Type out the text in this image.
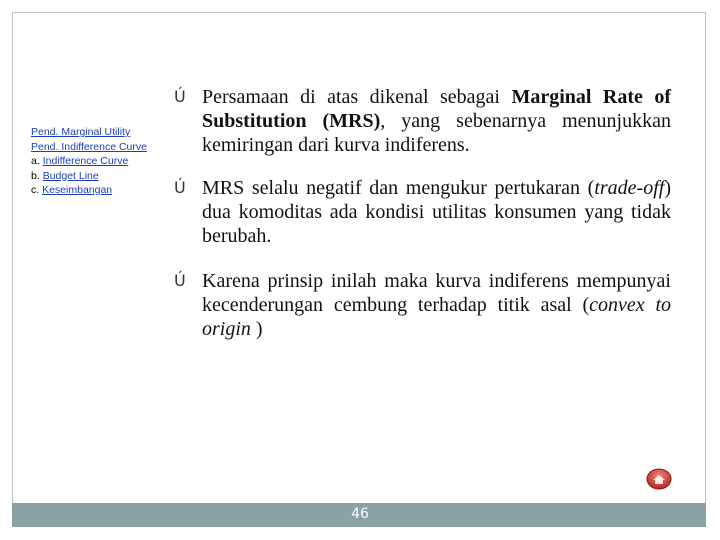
Pend. Marginal Utility
Pend. Indifference Curve
a. Indifference Curve
b. Budget Line
c. Keseimbangan
Ú Persamaan di atas dikenal sebagai Marginal Rate of Substitution (MRS), yang sebenarnya menunjukkan kemiringan dari kurva indiferens.
Ú MRS selalu negatif dan mengukur pertukaran (trade-off) dua komoditas ada kondisi utilitas konsumen yang tidak berubah.
Ú Karena prinsip inilah maka kurva indiferens mempunyai kecenderungan cembung terhadap titik asal (convex to origin )
46
